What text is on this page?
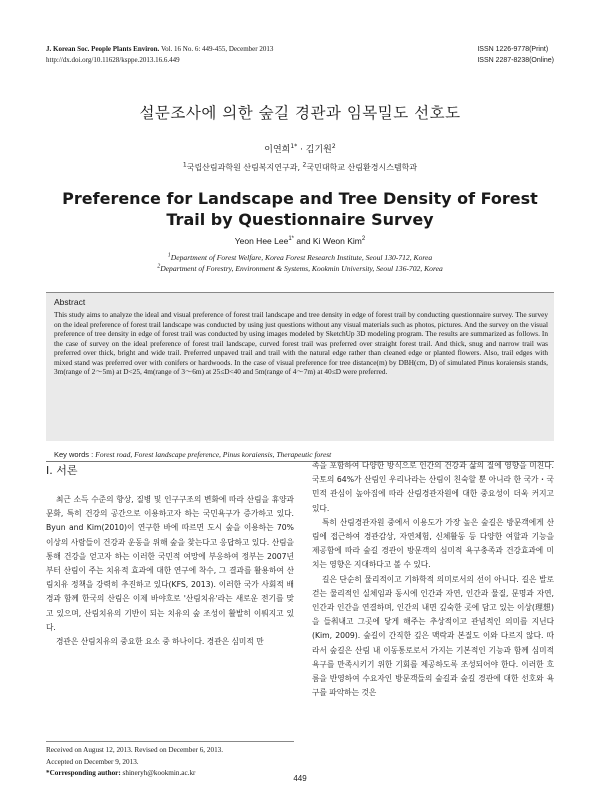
J. Korean Soc. People Plants Environ. Vol. 16 No. 6: 449-455, December 2013
http://dx.doi.org/10.11628/ksppe.2013.16.6.449
ISSN 1226-9778(Print)
ISSN 2287-8238(Online)
설문조사에 의한 숲길 경관과 임목밀도 선호도
이연희$^{1*}$ · 김기원$^2$
$^1$국립산림과학원 산림복지연구과, $^2$국민대학교 산림환경시스템학과
Preference for Landscape and Tree Density of Forest Trail by Questionnaire Survey
Yeon Hee Lee$^{1*}$ and Ki Weon Kim$^2$
$^1$Department of Forest Welfare, Korea Forest Research Institute, Seoul 130-712, Korea
$^2$Department of Forestry, Environment & Systems, Kookmin University, Seoul 136-702, Korea
Abstract
This study aims to analyze the ideal and visual preference of forest trail landscape and tree density in edge of forest trail by conducting questionnaire survey. The survey on the ideal preference of forest trail landscape was conducted by using just questions without any visual materials such as photos, pictures. And the survey on the visual preference of tree density in edge of forest trail was conducted by using images modeled by SketchUp 3D modeling program. The results are summarized as follows. In the case of survey on the ideal preference of forest trail landscape, curved forest trail was preferred over straight forest trail. And thick, snug and narrow trail was preferred over thick, bright and wide trail. Preferred unpaved trail and trail with the natural edge rather than cleaned edge or planted flowers. Also, trail edges with mixed stand was preferred over with conifers or hardwoods. In the case of visual preference for tree distance(m) by DBH(cm, D) of simulated Pinus koraiensis stands, 3m(range of 2～5m) at D<25, 4m(range of 3～6m) at 25≤D<40 and 5m(range of 4～7m) at 40≤D were preferred.
Key words : Forest road, Forest landscape preference, Pinus koraiensis, Therapeutic forest
Ⅰ. 서론

최근 소득 수준의 향상, 질병 및 인구구조의 변화에 따라 산림을 휴양과 문화, 특히 건강의 공간으로 이용하고자 하는 국민욕구가 증가하고 있다. Byun and Kim(2010)이 연구한 바에 따르면 도시 숲을 이용하는 70% 이상의 사람들이 건강과 운동을 위해 숲을 찾는다고 응답하고 있다. 산림을 통해 건강을 얻고자 하는 이러한 국민적 여망에 부응하여 정부는 2007년부터 산림이 주는 치유적 효과에 대한 연구에 착수, 그 결과를 활용하여 산림치유 정책을 강력히 추진하고 있다(KFS, 2013). 이러한 국가 사회적 배경과 함께 한국의 산림은 이제 바야흐로 '산림치유'라는 새로운 전기를 맞고 있으며, 산림치유의 기반이 되는 치유의 숲 조성이 활발히 이뤄지고 있다.

경관은 산림치유의 중요한 요소 중 하나이다. 경관은 심미적 만

족을 포함하여 다양한 방식으로 인간의 건강과 삶의 질에 영향을 미친다. 국토의 64%가 산림인 우리나라는 산림이 친숙할 뿐 아니라 한 국가・국민적 관심이 높아짐에 따라 산림경관자원에 대한 중요성이 더욱 커지고 있다.

특히 산림경관자원 중에서 이용도가 가장 높은 숲길은 방문객에게 산림에 접근하여 경관감상, 자연체험, 신체활동 등 다양한 여할과 기능을 제공함에 따라 숲길 경관이 방문객의 심미적 욕구충족과 건강효과에 미치는 영향은 지대하다고 볼 수 있다.

길은 단순히 물리적이고 기하학적 의미로서의 선이 아니다. 길은 발로 걷는 물리적인 실체임과 동시에 인간과 자연, 인간과 물질, 문명과 자연, 인간과 인간을 연결하며, 인간의 내면 깊숙한 곳에 담고 있는 이상(理想)을 들춰내고 그곳에 닿게 해주는 추상적이고 관념적인 의미를 지닌다(Kim, 2009). 숲길이 간직한 깊은 맥락과 본질도 이와 다르지 않다. 따라서 숲길은 산림 내 이동통로로서 가지는 기본적인 기능과 함께 심미적 욕구를 만족시키기 위한 기회를 제공하도록 조성되어야 한다. 이러한 흐름을 반영하여 수요자인 방문객들의 숲길과 숲길 경관에 대한 선호와 욕구를 파악하는 것은

Received on August 12, 2013. Revised on December 6, 2013.
Accepted on December 9, 2013.
*Corresponding author: shineryh@kookmin.ac.kr
449
